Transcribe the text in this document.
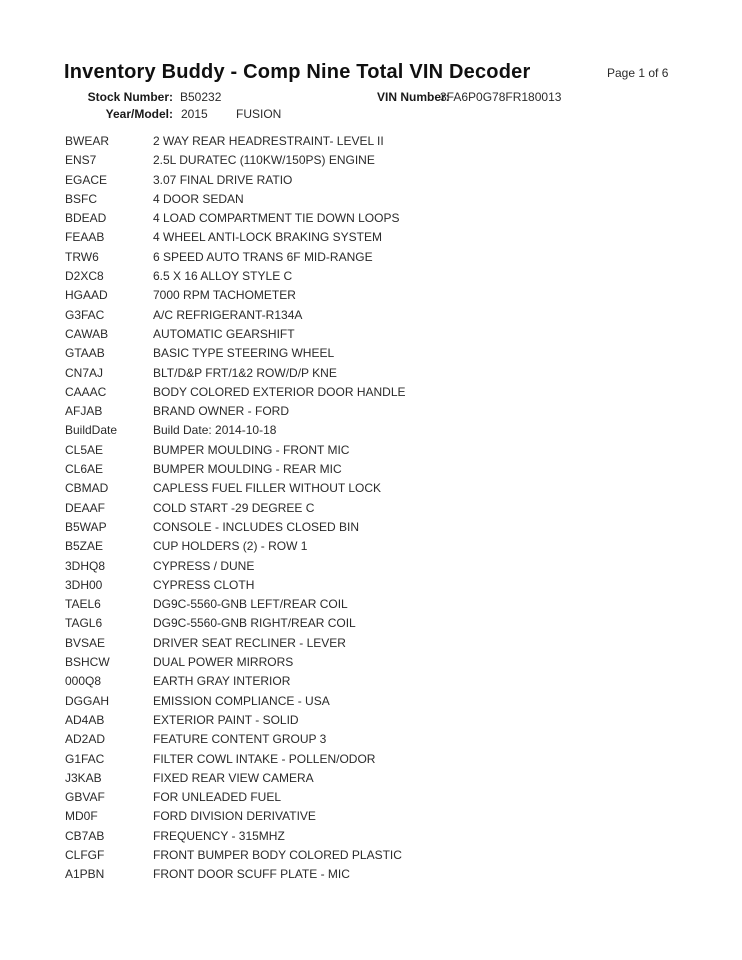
Inventory Buddy - Comp Nine Total VIN Decoder	Page 1 of 6
Stock Number: B50232	VIN Number:
3FA6P0G78FR180013
Year/Model: 2015 FUSION
BWEAR	2 WAY REAR HEADRESTRAINT- LEVEL II
ENS7	2.5L DURATEC (110KW/150PS) ENGINE
EGACE	3.07 FINAL DRIVE RATIO
BSFC	4 DOOR SEDAN
BDEAD	4 LOAD COMPARTMENT TIE DOWN LOOPS
FEAAB	4 WHEEL ANTI-LOCK BRAKING SYSTEM
TRW6	6 SPEED AUTO TRANS 6F MID-RANGE
D2XC8	6.5 X 16 ALLOY STYLE C
HGAAD	7000 RPM TACHOMETER
G3FAC	A/C REFRIGERANT-R134A
CAWAB	AUTOMATIC GEARSHIFT
GTAAB	BASIC TYPE STEERING WHEEL
CN7AJ	BLT/D&P FRT/1&2 ROW/D/P KNE
CAAAC	BODY COLORED EXTERIOR DOOR HANDLE
AFJAB	BRAND OWNER - FORD
BuildDate	Build Date: 2014-10-18
CL5AE	BUMPER MOULDING - FRONT MIC
CL6AE	BUMPER MOULDING - REAR MIC
CBMAD	CAPLESS FUEL FILLER WITHOUT LOCK
DEAAF	COLD START -29 DEGREE C
B5WAP	CONSOLE - INCLUDES CLOSED BIN
B5ZAE	CUP HOLDERS (2) - ROW 1
3DHQ8	CYPRESS / DUNE
3DH00	CYPRESS CLOTH
TAEL6	DG9C-5560-GNB LEFT/REAR COIL
TAGL6	DG9C-5560-GNB RIGHT/REAR COIL
BVSAE	DRIVER SEAT RECLINER - LEVER
BSHCW	DUAL POWER MIRRORS
000Q8	EARTH GRAY INTERIOR
DGGAH	EMISSION COMPLIANCE - USA
AD4AB	EXTERIOR PAINT - SOLID
AD2AD	FEATURE CONTENT GROUP 3
G1FAC	FILTER COWL INTAKE - POLLEN/ODOR
J3KAB	FIXED REAR VIEW CAMERA
GBVAF	FOR UNLEADED FUEL
MD0F	FORD DIVISION DERIVATIVE
CB7AB	FREQUENCY - 315MHZ
CLFGF	FRONT BUMPER BODY COLORED PLASTIC
A1PBN	FRONT DOOR SCUFF PLATE - MIC
